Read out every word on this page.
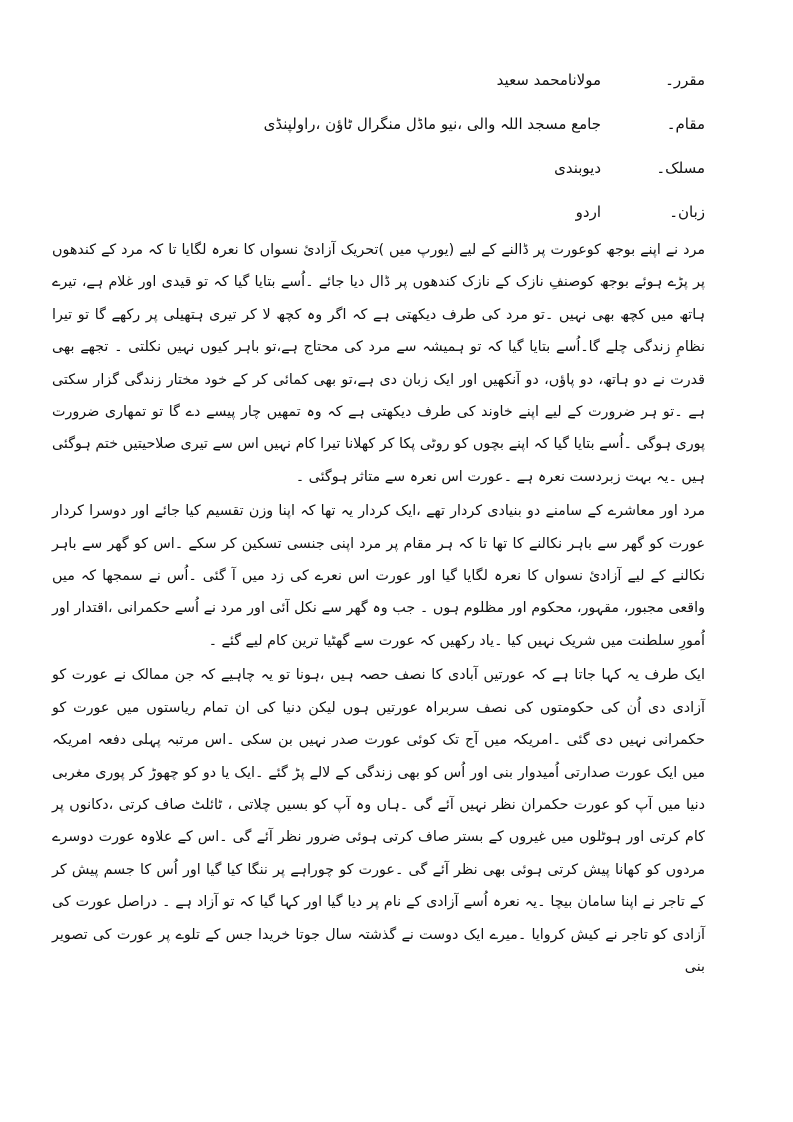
مقرر۔
مولانامحمد سعید
مقام۔
جامع مسجد اللہ والی ،نیو ماڈل منگرال ٹاؤن ،راولپنڈی
مسلک۔
دیوبندی
زبان۔
اردو

مرد نے اپنے بوجھ کوعورت پر ڈالنے کے لیے (یورپ میں )تحریک آزادیٔ نسواں کا نعرہ لگایا تا کہ مرد کے کندھوں پر پڑے ہوئے بوجھ کوصنفِ نازک کے نازک کندھوں پر ڈال دیا جائے ۔اُسے بتایا گیا کہ تو قیدی اور غلام ہے، تیرے ہاتھ میں کچھ بھی نہیں ۔تو مرد کی طرف دیکھتی ہے کہ اگر وہ کچھ لا کر تیری ہتھیلی پر رکھے گا تو تیرا نظامِ زندگی چلے گا۔اُسے بتایا گیا کہ تو ہمیشہ سے مرد کی محتاج ہے،تو باہر کیوں نہیں نکلتی ۔ تجھے بھی قدرت نے دو ہاتھ، دو پاؤں، دو آنکھیں اور ایک زبان دی ہے،تو بھی کمائی کر کے خود مختار زندگی گزار سکتی ہے ۔تو ہر ضرورت کے لیے اپنے خاوند کی طرف دیکھتی ہے کہ وہ تمھیں چار پیسے دے گا تو تمھاری ضرورت پوری ہوگی ۔اُسے بتایا گیا کہ اپنے بچوں کو روٹی پکا کر کھلانا تیرا کام نہیں اس سے تیری صلاحیتیں ختم ہوگئی ہیں ۔یہ بہت زبردست نعرہ ہے ۔عورت اس نعرہ سے متاثر ہوگئی ۔

مرد اور معاشرے کے سامنے دو بنیادی کردار تھے ،ایک کردار یہ تھا کہ اپنا وزن تقسیم کیا جائے اور دوسرا کردار عورت کو گھر سے باہر نکالنے کا تھا تا کہ ہر مقام پر مرد اپنی جنسی تسکین کر سکے ۔اس کو گھر سے باہر نکالنے کے لیے آزادیٔ نسواں کا نعرہ لگایا گیا اور عورت اس نعرے کی زد میں آ گئی ۔اُس نے سمجھا کہ میں واقعی مجبور، مقہور، محکوم اور مظلوم ہوں ۔ جب وہ گھر سے نکل آئی اور مرد نے اُسے حکمرانی ،اقتدار اور اُمورِ سلطنت میں شریک نہیں کیا ۔یاد رکھیں کہ عورت سے گھٹیا ترین کام لیے گئے ۔

ایک طرف یہ کہا جاتا ہے کہ عورتیں آبادی کا نصف حصہ ہیں ،ہونا تو یہ چاہیے کہ جن ممالک نے عورت کو آزادی دی اُن کی حکومتوں کی نصف سربراہ عورتیں ہوں لیکن دنیا کی ان تمام ریاستوں میں عورت کو حکمرانی نہیں دی گئی ۔امریکہ میں آج تک کوئی عورت صدر نہیں بن سکی ۔اس مرتبہ پہلی دفعہ امریکہ میں ایک عورت صدارتی اُمیدوار بنی اور اُس کو بھی زندگی کے لالے پڑ گئے ۔ایک یا دو کو چھوڑ کر پوری مغربی دنیا میں آپ کو عورت حکمران نظر نہیں آئے گی ۔ہاں وہ آپ کو بسیں چلاتی ، ٹائلٹ صاف کرتی ،دکانوں پر کام کرتی اور ہوٹلوں میں غیروں کے بستر صاف کرتی ہوئی ضرور نظر آئے گی ۔اس کے علاوہ عورت دوسرے مردوں کو کھانا پیش کرتی ہوئی بھی نظر آئے گی ۔عورت کو چوراہے پر ننگا کیا گیا اور اُس کا جسم پیش کر کے تاجر نے اپنا سامان بیچا ۔یہ نعرہ اُسے آزادی کے نام پر دیا گیا اور کہا گیا کہ تو آزاد ہے ۔ دراصل عورت کی آزادی کو تاجر نے کیش کروایا ۔میرے ایک دوست نے گذشتہ سال جوتا خریدا جس کے تلوے پر عورت کی تصویر بنی
